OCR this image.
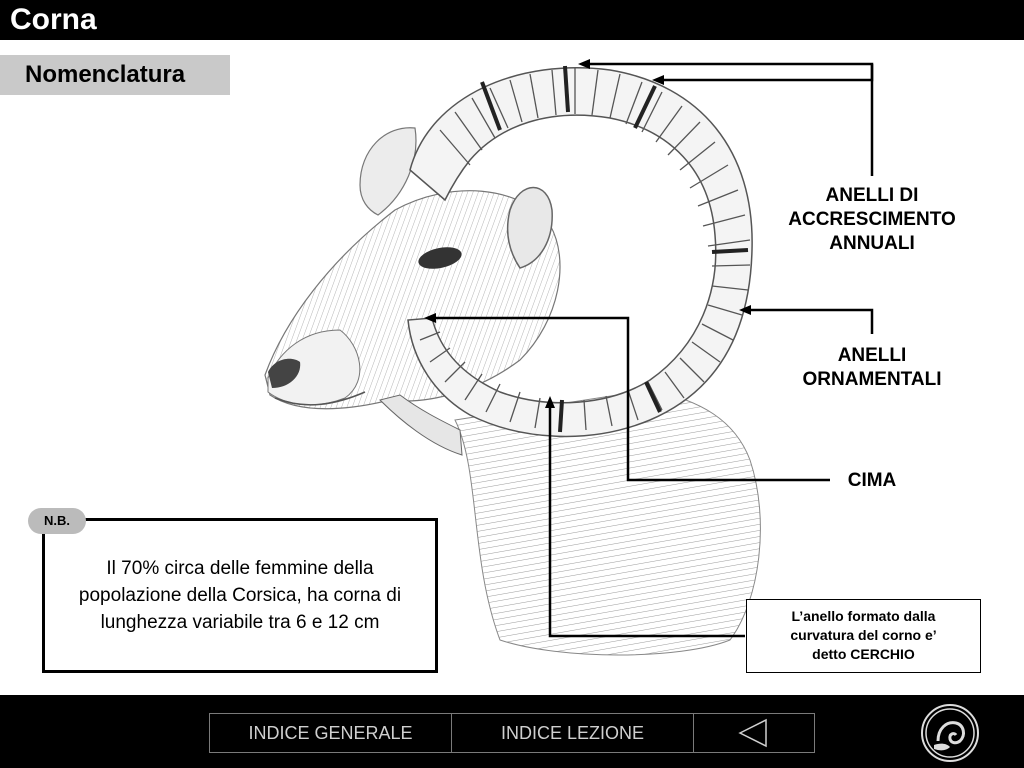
Corna
Nomenclatura
ANELLI DI
ACCRESCIMENTO
ANNUALI
ANELLI
ORNAMENTALI
CIMA
Il 70% circa delle femmine della popolazione della Corsica, ha corna di lunghezza variabile tra 6 e 12 cm
N.B.
L’anello formato dalla
curvatura del corno e’
detto CERCHIO
INDICE GENERALE	INDICE LEZIONE
